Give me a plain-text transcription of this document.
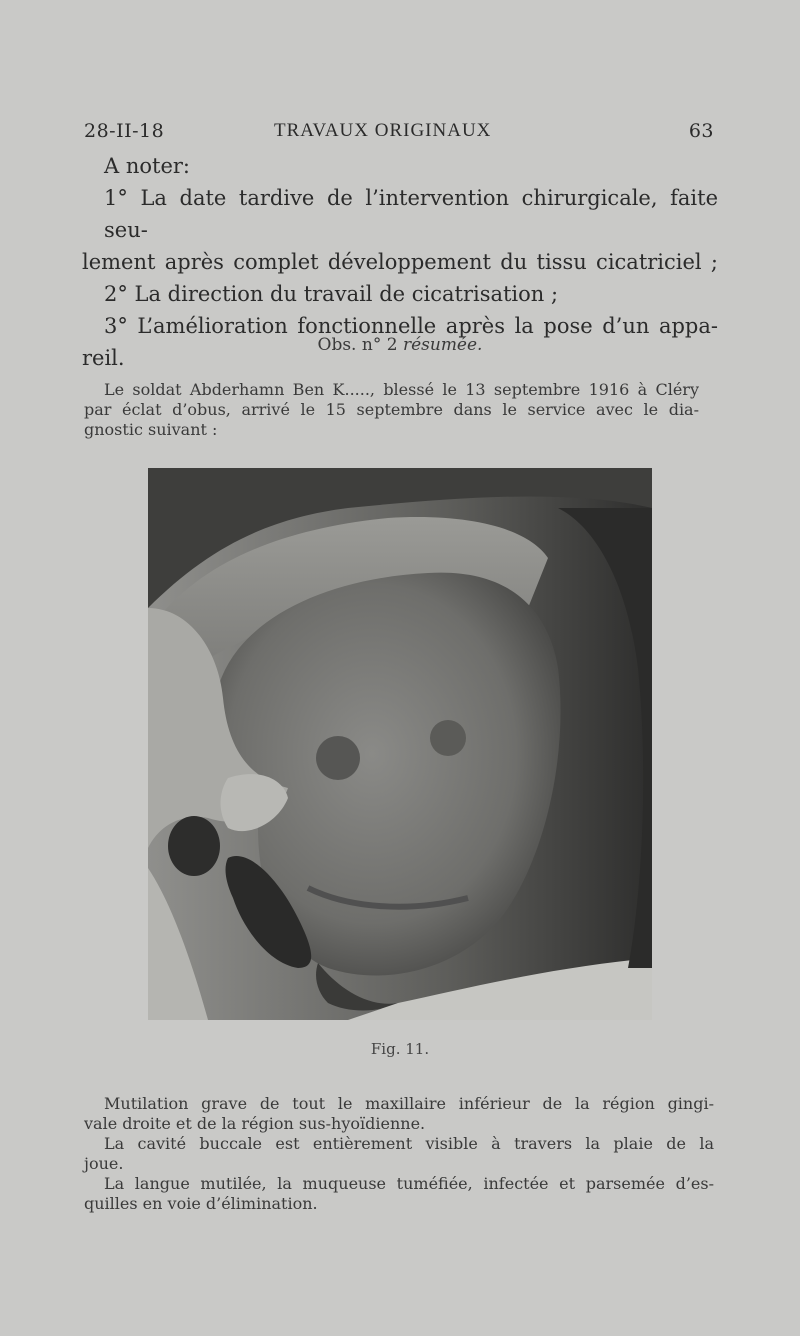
28-II-18	TRAVAUX ORIGINAUX	63
A noter:
1° La date tardive de l’intervention chirurgicale, faite seu-
lement après complet développement du tissu cicatriciel ;
2° La direction du travail de cicatrisation ;
3° L’amélioration fonctionnelle après la pose d’un appa-
reil.
Obs. n° 2 résumée.
Le soldat Abderhamn Ben K....., blessé le 13 septembre 1916 à Cléry
par éclat d’obus, arrivé le 15 septembre dans le service avec le dia-
gnostic suivant :
Fig. 11.
Mutilation grave de tout le maxillaire inférieur de la région gingi-
vale droite et de la région sus-hyoïdienne.
La cavité buccale est entièrement visible à travers la plaie de la
joue.
La langue mutilée, la muqueuse tuméfiée, infectée et parsemée d’es-
quilles en voie d’élimination.
